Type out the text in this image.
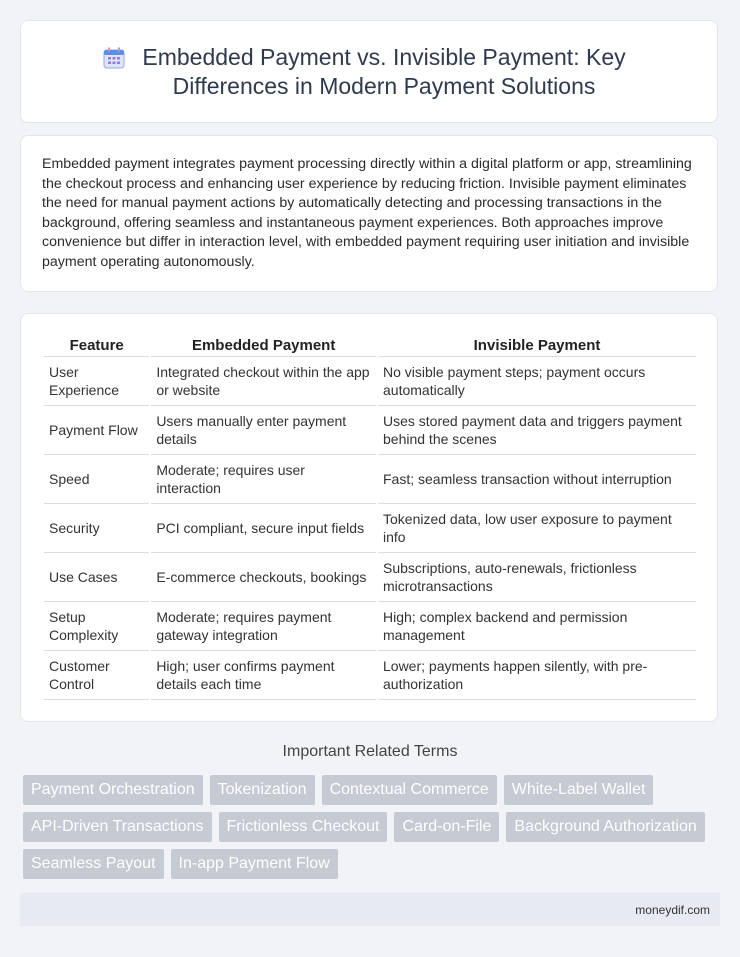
Embedded Payment vs. Invisible Payment: Key Differences in Modern Payment Solutions

Embedded payment integrates payment processing directly within a digital platform or app, streamlining the checkout process and enhancing user experience by reducing friction. Invisible payment eliminates the need for manual payment actions by automatically detecting and processing transactions in the background, offering seamless and instantaneous payment experiences. Both approaches improve convenience but differ in interaction level, with embedded payment requiring user initiation and invisible payment operating autonomously.

Feature	Embedded Payment	Invisible Payment
User Experience	Integrated checkout within the app or website	No visible payment steps; payment occurs automatically
Payment Flow	Users manually enter payment details	Uses stored payment data and triggers payment behind the scenes
Speed	Moderate; requires user interaction	Fast; seamless transaction without interruption
Security	PCI compliant, secure input fields	Tokenized data, low user exposure to payment info
Use Cases	E-commerce checkouts, bookings	Subscriptions, auto-renewals, frictionless microtransactions
Setup Complexity	Moderate; requires payment gateway integration	High; complex backend and permission management
Customer Control	High; user confirms payment details each time	Lower; payments happen silently, with pre-authorization
Important Related Terms
Payment Orchestration	Tokenization	Contextual Commerce	White-Label Wallet
API-Driven Transactions	Frictionless Checkout	Card-on-File	Background Authorization
Seamless Payout	In-app Payment Flow
moneydif.com
